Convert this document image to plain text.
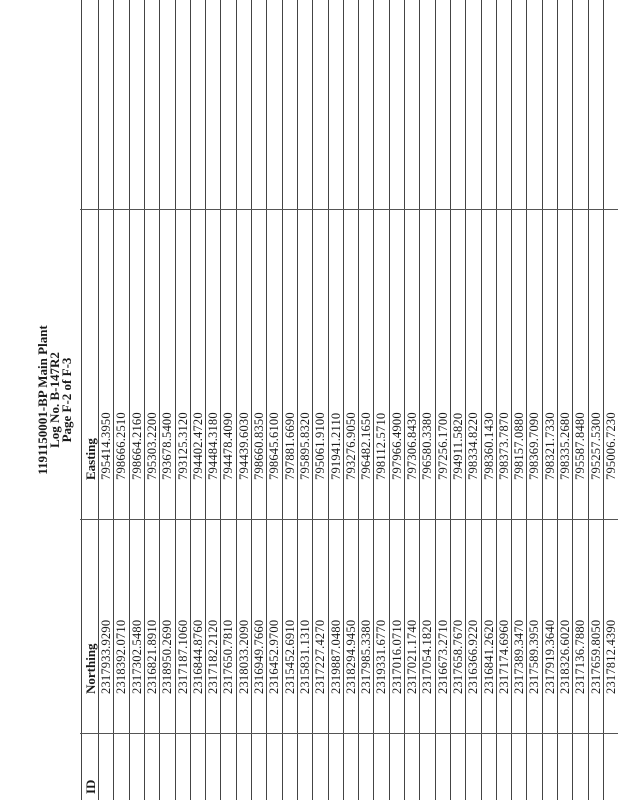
1191150001-BP Main Plant
Log No. B-147R2
Page F-2 of F-3
ID
Northing
Easting
2317933.9290
795414.3950
2318392.0710
798666.2510
2317302.5480
798664.2160
2316821.8910
795303.2200
2318950.2690
793678.5400
2317187.1060
793125.3120
2316844.8760
794402.4720
2317182.2120
794484.3180
2317650.7810
794478.4090
2318033.2090
794439.6030
2316949.7660
798660.8350
2316452.9700
798645.6100
2315452.6910
797881.6690
2315831.1310
795895.8320
2317227.4270
795061.9100
2319887.0480
791941.2110
2318294.9450
793276.9050
2317985.3380
796482.1650
2319331.6770
798112.5710
2317016.0710
797966.4900
2317021.1740
797306.8430
2317054.1820
796580.3380
2316673.2710
797256.1700
2317658.7670
794911.5820
2316366.9220
798334.8220
2316841.2620
798360.1430
2317174.6960
798373.7870
2317389.3470
798157.0880
2317589.3950
798369.7090
2317919.3640
798321.7330
2318326.6020
798335.2680
2317136.7880
795587.8480
2317659.8050
795257.5300
2317812.4390
795006.7230
